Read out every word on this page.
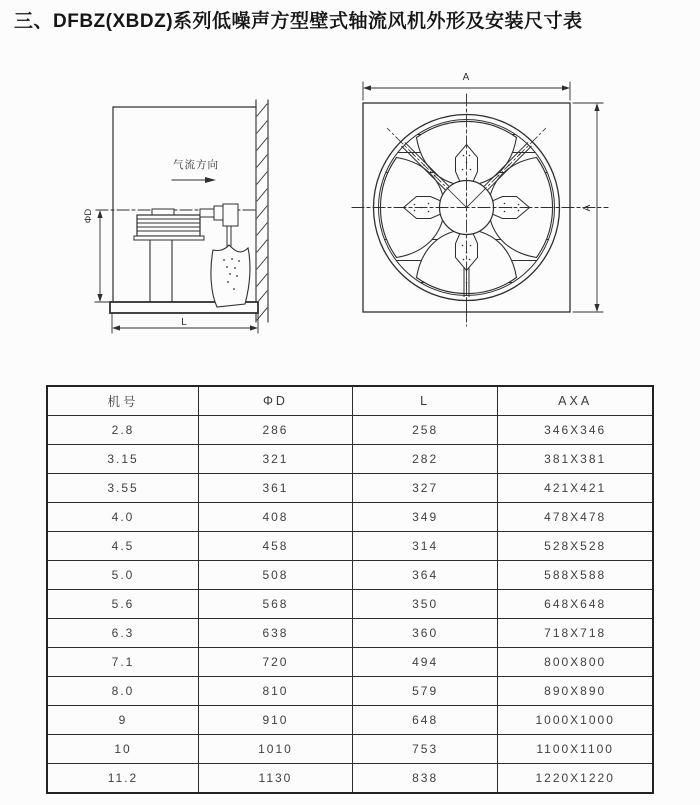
三、DFBZ(XBDZ)系列低噪声方型壁式轴流风机外形及安装尺寸表
气流方向
ΦD
L
A
A
机号	ΦD	L	AXA
2.8	286	258	346X346
3.15	321	282	381X381
3.55	361	327	421X421
4.0	408	349	478X478
4.5	458	314	528X528
5.0	508	364	588X588
5.6	568	350	648X648
6.3	638	360	718X718
7.1	720	494	800X800
8.0	810	579	890X890
9	910	648	1000X1000
10	1010	753	1100X1100
11.2	1130	838	1220X1220
